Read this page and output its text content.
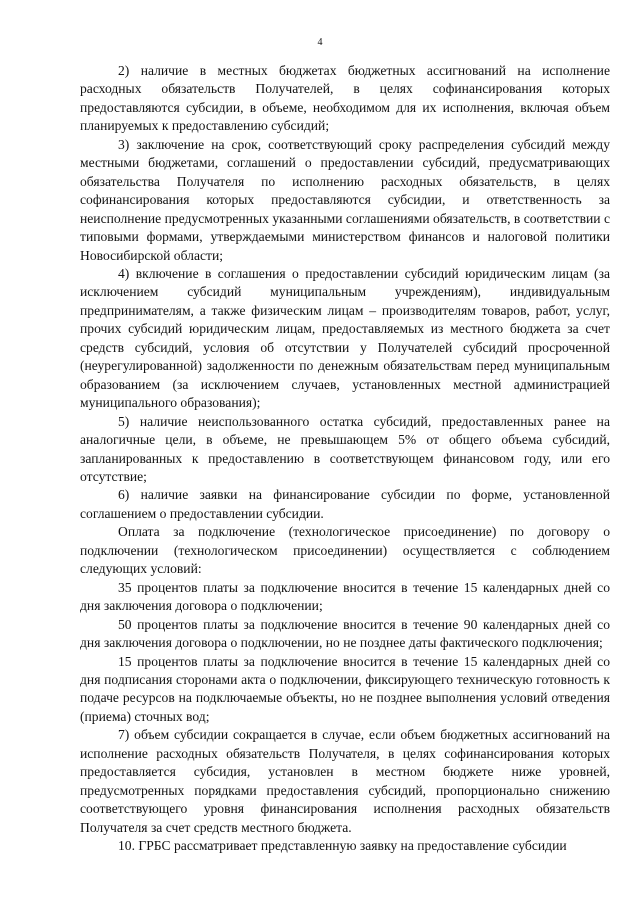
4

2) наличие в местных бюджетах бюджетных ассигнований на исполнение расходных обязательств Получателей, в целях софинансирования которых предоставляются субсидии, в объеме, необходимом для их исполнения, включая объем планируемых к предоставлению субсидий;

3) заключение на срок, соответствующий сроку распределения субсидий между местными бюджетами, соглашений о предоставлении субсидий, предусматривающих обязательства Получателя по исполнению расходных обязательств, в целях софинансирования которых предоставляются субсидии, и ответственность за неисполнение предусмотренных указанными соглашениями обязательств, в соответствии с типовыми формами, утверждаемыми министерством финансов и налоговой политики Новосибирской области;

4) включение в соглашения о предоставлении субсидий юридическим лицам (за исключением субсидий муниципальным учреждениям), индивидуальным предпринимателям, а также физическим лицам – производителям товаров, работ, услуг, прочих субсидий юридическим лицам, предоставляемых из местного бюджета за счет средств субсидий, условия об отсутствии у Получателей субсидий просроченной (неурегулированной) задолженности по денежным обязательствам перед муниципальным образованием (за исключением случаев, установленных местной администрацией муниципального образования);

5) наличие неиспользованного остатка субсидий, предоставленных ранее на аналогичные цели, в объеме, не превышающем 5% от общего объема субсидий, запланированных к предоставлению в соответствующем финансовом году, или его отсутствие;

6) наличие заявки на финансирование субсидии по форме, установленной соглашением о предоставлении субсидии.

Оплата за подключение (технологическое присоединение) по договору о подключении (технологическом присоединении) осуществляется с соблюдением следующих условий:

35 процентов платы за подключение вносится в течение 15 календарных дней со дня заключения договора о подключении;

50 процентов платы за подключение вносится в течение 90 календарных дней со дня заключения договора о подключении, но не позднее даты фактического подключения;

15 процентов платы за подключение вносится в течение 15 календарных дней со дня подписания сторонами акта о подключении, фиксирующего техническую готовность к подаче ресурсов на подключаемые объекты, но не позднее выполнения условий отведения (приема) сточных вод;

7) объем субсидии сокращается в случае, если объем бюджетных ассигнований на исполнение расходных обязательств Получателя, в целях софинансирования которых предоставляется субсидия, установлен в местном бюджете ниже уровней, предусмотренных порядками предоставления субсидий, пропорционально снижению соответствующего уровня финансирования исполнения расходных обязательств Получателя за счет средств местного бюджета.

10. ГРБС рассматривает представленную заявку на предоставление субсидии
